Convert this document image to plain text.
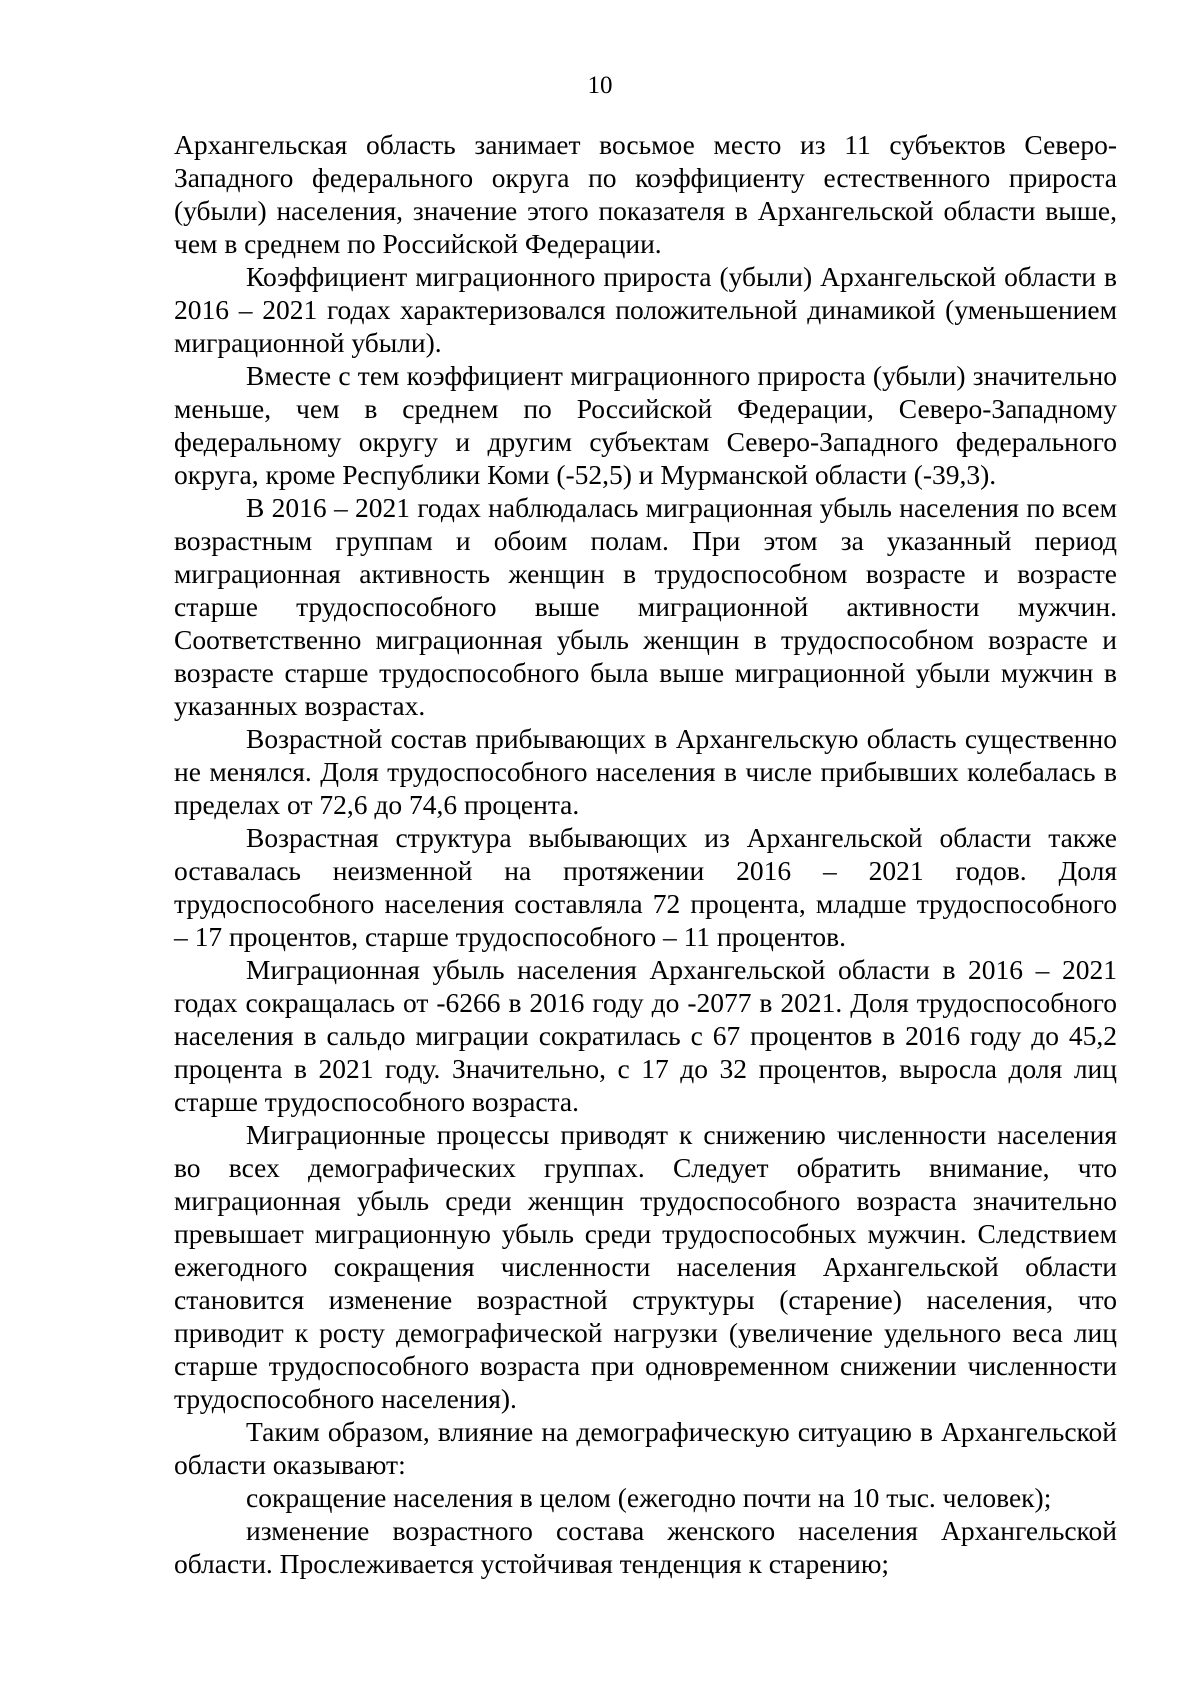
10

Архангельская область занимает восьмое место из 11 субъектов Северо-Западного федерального округа по коэффициенту естественного прироста (убыли) населения, значение этого показателя в Архангельской области выше, чем в среднем по Российской Федерации.

Коэффициент миграционного прироста (убыли) Архангельской области в 2016 – 2021 годах характеризовался положительной динамикой (уменьшением миграционной убыли).

Вместе с тем коэффициент миграционного прироста (убыли) значительно меньше, чем в среднем по Российской Федерации, Северо-Западному федеральному округу и другим субъектам Северо-Западного федерального округа, кроме Республики Коми (-52,5) и Мурманской области (-39,3).

В 2016 – 2021 годах наблюдалась миграционная убыль населения по всем возрастным группам и обоим полам. При этом за указанный период миграционная активность женщин в трудоспособном возрасте и возрасте старше трудоспособного выше миграционной активности мужчин. Соответственно миграционная убыль женщин в трудоспособном возрасте и возрасте старше трудоспособного была выше миграционной убыли мужчин в указанных возрастах.

Возрастной состав прибывающих в Архангельскую область существенно не менялся. Доля трудоспособного населения в числе прибывших колебалась в пределах от 72,6 до 74,6 процента.

Возрастная структура выбывающих из Архангельской области также оставалась неизменной на протяжении 2016 – 2021 годов. Доля трудоспособного населения составляла 72 процента, младше трудоспособного – 17 процентов, старше трудоспособного – 11 процентов.

Миграционная убыль населения Архангельской области в 2016 – 2021 годах сокращалась от -6266 в 2016 году до -2077 в 2021. Доля трудоспособного населения в сальдо миграции сократилась с 67 процентов в 2016 году до 45,2 процента в 2021 году. Значительно, с 17 до 32 процентов, выросла доля лиц старше трудоспособного возраста.

Миграционные процессы приводят к снижению численности населения во всех демографических группах. Следует обратить внимание, что миграционная убыль среди женщин трудоспособного возраста значительно превышает миграционную убыль среди трудоспособных мужчин. Следствием ежегодного сокращения численности населения Архангельской области становится изменение возрастной структуры (старение) населения, что приводит к росту демографической нагрузки (увеличение удельного веса лиц старше трудоспособного возраста при одновременном снижении численности трудоспособного населения).

Таким образом, влияние на демографическую ситуацию в Архангельской области оказывают:

сокращение населения в целом (ежегодно почти на 10 тыс. человек);

изменение возрастного состава женского населения Архангельской области. Прослеживается устойчивая тенденция к старению;
